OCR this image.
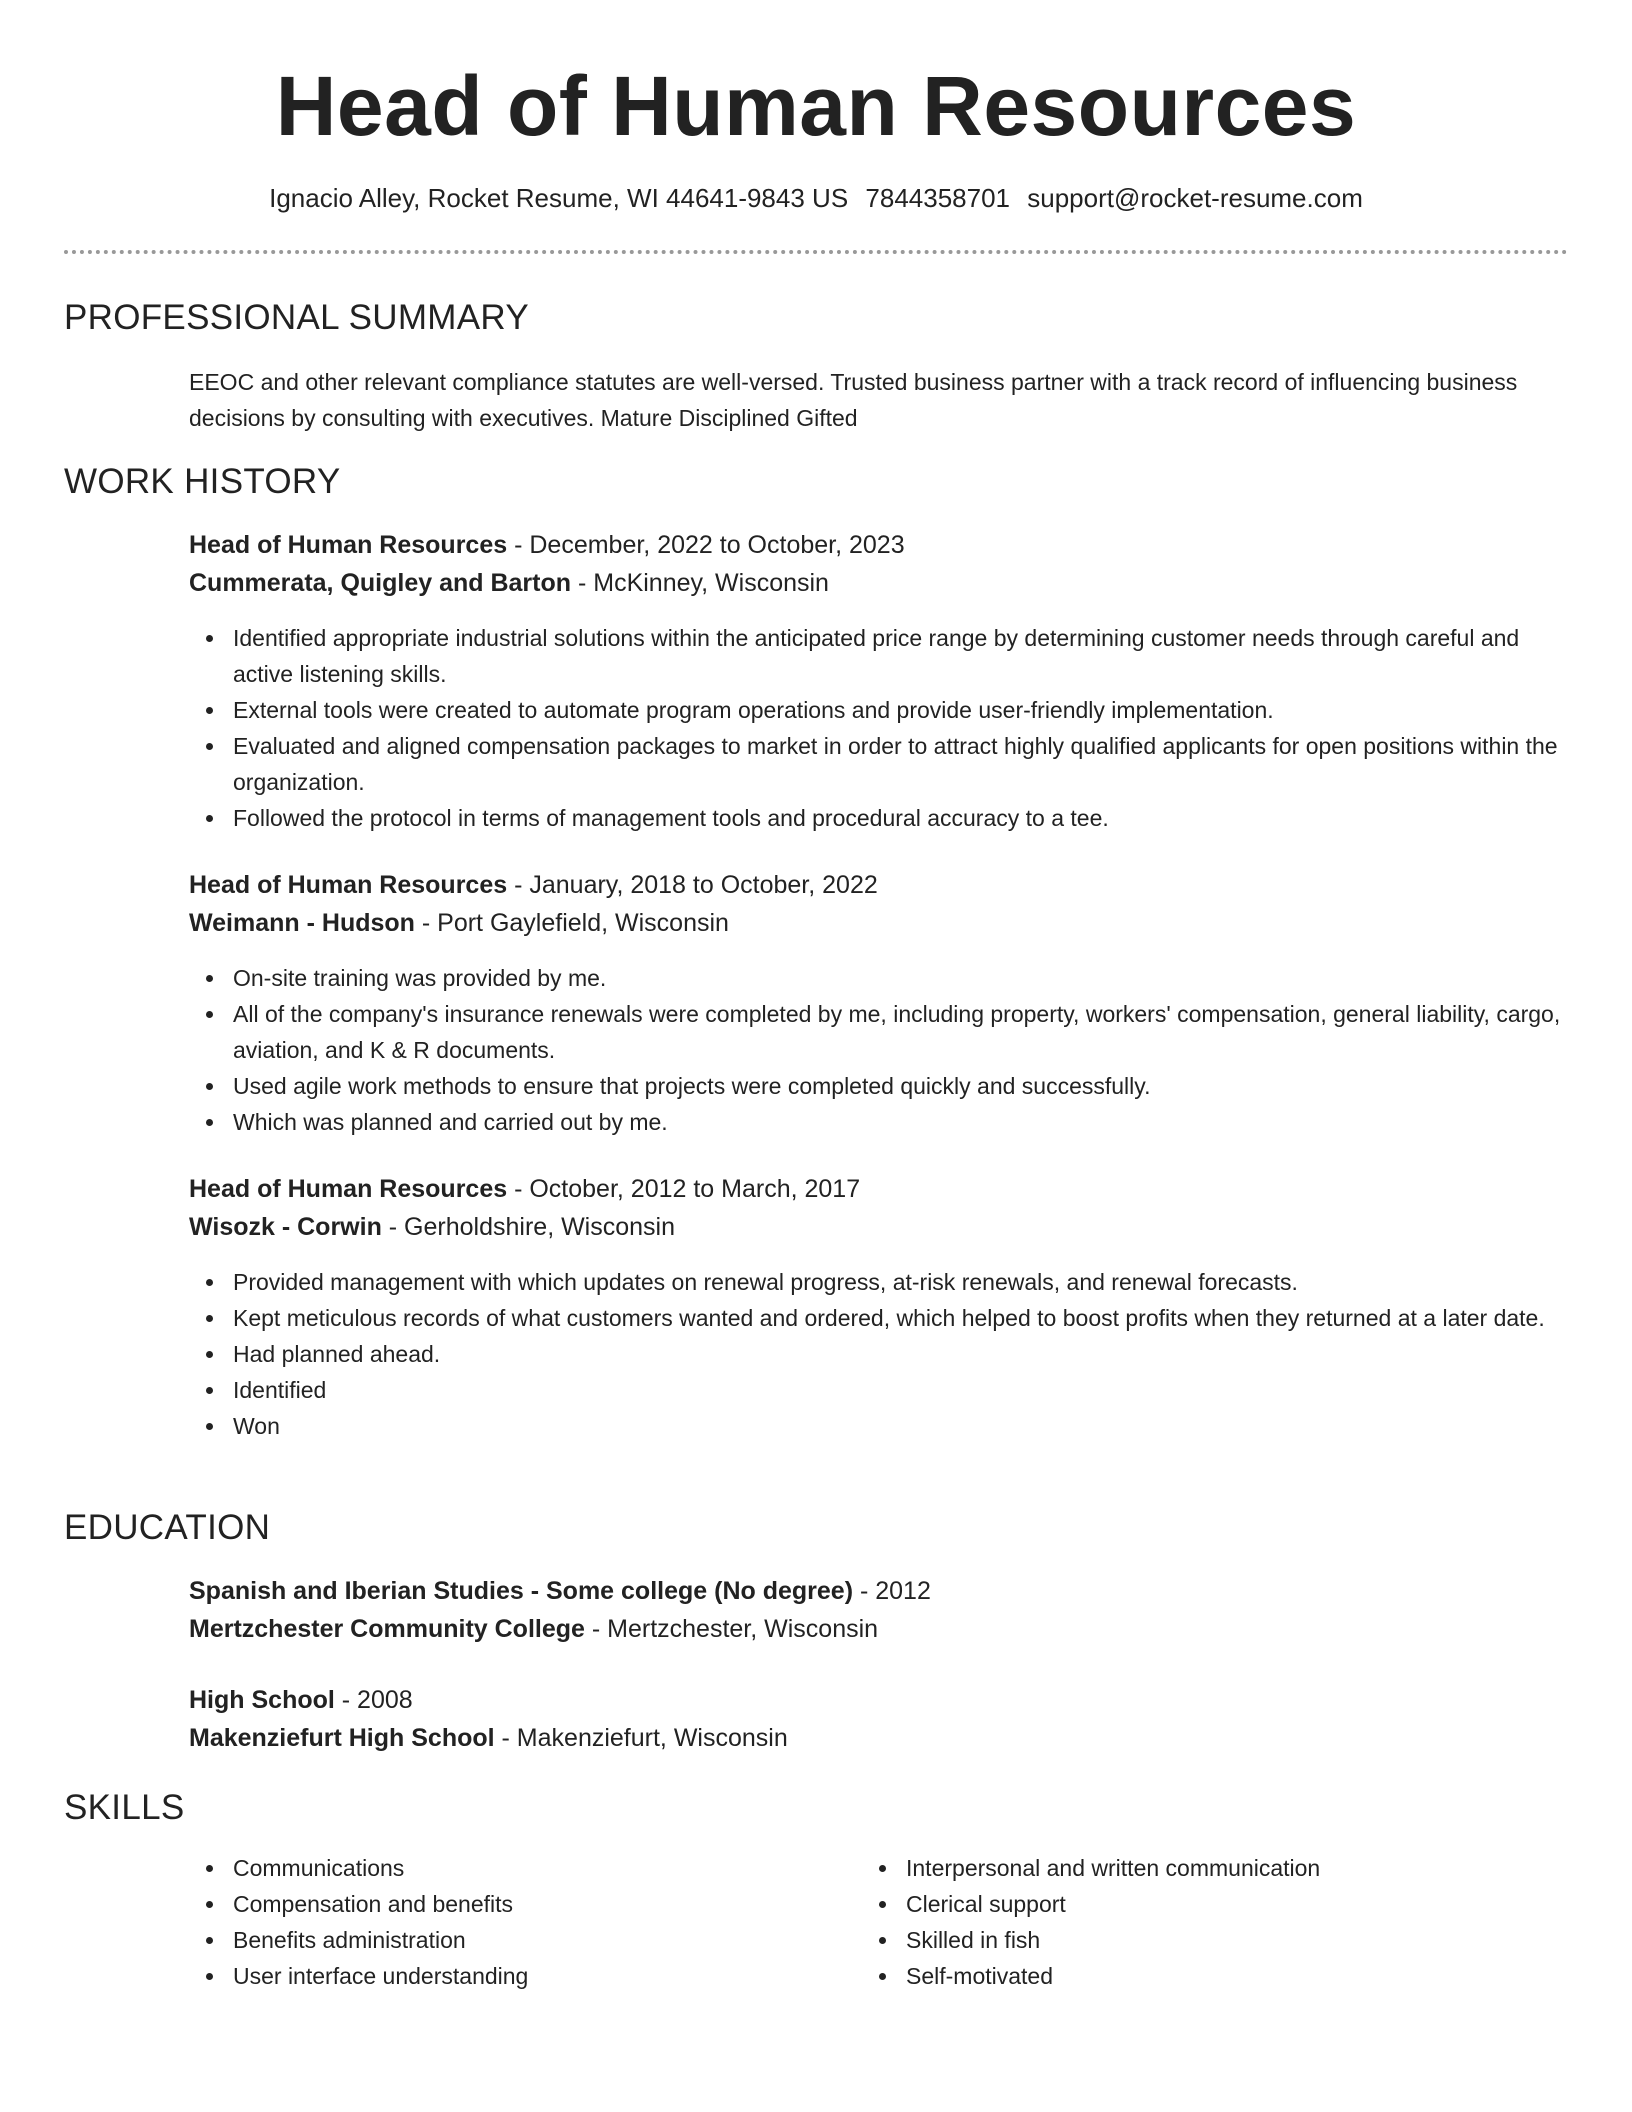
Head of Human Resources
Ignacio Alley, Rocket Resume, WI 44641-9843 US 7844358701 support@rocket-resume.com
PROFESSIONAL SUMMARY

EEOC and other relevant compliance statutes are well-versed. Trusted business partner with a track record of influencing business decisions by consulting with executives. Mature Disciplined Gifted

WORK HISTORY
Head of Human Resources - December, 2022 to October, 2023
Cummerata, Quigley and Barton - McKinney, Wisconsin
Identified appropriate industrial solutions within the anticipated price range by determining customer needs through careful and active listening skills.
External tools were created to automate program operations and provide user-friendly implementation.
Evaluated and aligned compensation packages to market in order to attract highly qualified applicants for open positions within the organization.
Followed the protocol in terms of management tools and procedural accuracy to a tee.
Head of Human Resources - January, 2018 to October, 2022
Weimann - Hudson - Port Gaylefield, Wisconsin
On-site training was provided by me.
All of the company's insurance renewals were completed by me, including property, workers' compensation, general liability, cargo, aviation, and K & R documents.
Used agile work methods to ensure that projects were completed quickly and successfully.
Which was planned and carried out by me.
Head of Human Resources - October, 2012 to March, 2017
Wisozk - Corwin - Gerholdshire, Wisconsin
Provided management with which updates on renewal progress, at-risk renewals, and renewal forecasts.
Kept meticulous records of what customers wanted and ordered, which helped to boost profits when they returned at a later date.
Had planned ahead.
Identified
Won
EDUCATION
Spanish and Iberian Studies - Some college (No degree) - 2012
Mertzchester Community College - Mertzchester, Wisconsin
High School - 2008
Makenziefurt High School - Makenziefurt, Wisconsin
SKILLS
Communications
Compensation and benefits
Benefits administration
User interface understanding
Interpersonal and written communication
Clerical support
Skilled in fish
Self-motivated
